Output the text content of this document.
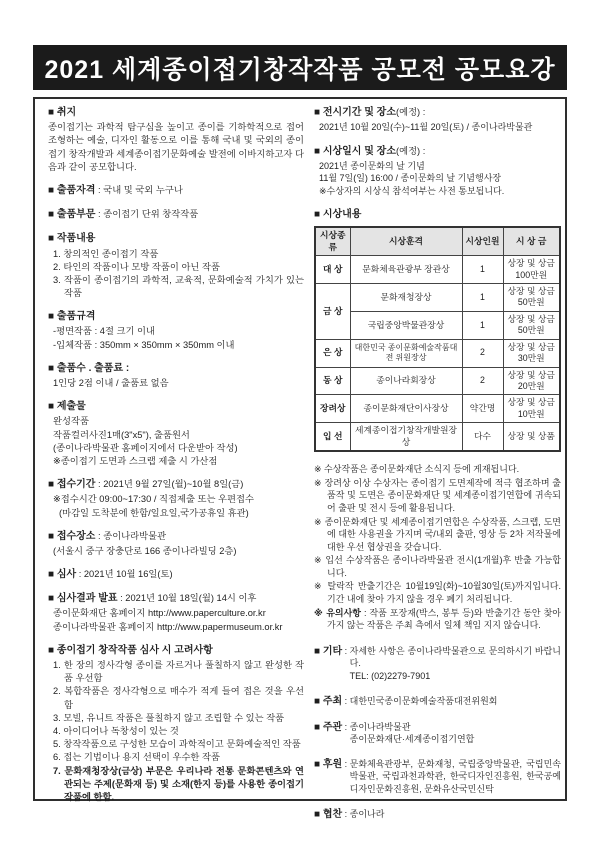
2021 세계종이접기창작작품 공모전 공모요강
■ 취지
종이접기는 과학적 탐구심을 높이고 종이를 기하학적으로 접어 조형하는 예술, 디자인 활동으로 이를 통해 국내 및 국외의 종이접기 창작개발과 세계종이접기문화예술 발전에 이바지하고자 다음과 같이 공모합니다.
■ 출품자격 : 국내 및 국외 누구나
■ 출품부문 : 종이접기 단위 창작작품
■ 작품내용
1. 창의적인 종이접기 작품
2. 타인의 작품이나 모방 작품이 아닌 작품
3. 작품이 종이접기의 과학적, 교육적, 문화예술적 가치가 있는 작품
■ 출품규격
-평면작품 : 4절 크기 이내
-입체작품 : 350mm × 350mm × 350mm 이내
■ 출품수 . 출품료 :
1인당 2점 이내 / 출품료 없음
■ 제출물
완성작품
작품컬러사진1매(3"x5"), 출품원서
(종이나라박물관 홈페이지에서 다운받아 작성)
※종이접기 도면과 스크랩 제출 시 가산점
■ 접수기간 : 2021년 9월 27일(월)~10월 8일(금)
※접수시간 09:00~17:30 / 직접제출 또는 우편접수
(마감일 도착분에 한함/일요일,국가공휴일 휴관)
■ 접수장소 : 종이나라박물관
(서울시 중구 장충단로 166 종이나라빌딩 2층)
■ 심사 : 2021년 10월 16일(토)
■ 심사결과 발표 : 2021년 10월 18일(월) 14시 이후
종이문화재단 홈페이지 http://www.paperculture.or.kr
종이나라박물관 홈페이지 http://www.papermuseum.or.kr
■ 종이접기 창작작품 심사 시 고려사항
1. 한 장의 정사각형 종이를 자르거나 풀칠하지 않고 완성한 작품 우선함
2. 복합작품은 정사각형으로 매수가 적게 들여 접은 것을 우선함
3. 모빌, 유니트 작품은 풀칠하지 않고 조립할 수 있는 작품
4. 아이디어나 독창성이 있는 것
5. 창작작품으로 구성한 모습이 과학적이고 문화예술적인 작품
6. 접는 기법이나 용지 선택이 우수한 작품
7. 문화재청장상(금상) 부문은 우리나라 전통 문화콘텐츠와 연관되는 주제(문화재 등) 및 소재(한지 등)를 사용한 종이접기 작품에 한함.
■ 전시기간 및 장소(예정) :
2021년 10월 20일(수)~11월 20일(토) / 종이나라박물관
■ 시상일시 및 장소(예정) :
2021년 종이문화의 날 기념
11월 7일(일) 16:00 / 종이문화의 날 기념행사장
※수상자의 시상식 참석여부는 사전 통보됩니다.
■ 시상내용
시상종류	시상훈격	시상인원	시 상 금
대 상	문화체육관광부 장관상	1	상장 및 상금 100만원
금 상	문화재청장상	1	상장 및 상금 50만원
	국립중앙박물관장상	1	상장 및 상금 50만원
은 상	대한민국 종이문화예술작품대전 위원장상	2	상장 및 상금 30만원
동 상	종이나라회장상	2	상장 및 상금 20만원
장려상	종이문화재단이사장상	약간명	상장 및 상금 10만원
입 선	세계종이접기창작개발원장상	다수	상장 및 상품
※ 수상작품은 종이문화재단 소식지 등에 게재됩니다.
※ 장려상 이상 수상자는 종이접기 도면제작에 적극 협조하며 출품작 및 도면은 종이문화재단 및 세계종이접기연합에 귀속되어 출판 및 전시 등에 활용됩니다.
※ 종이문화재단 및 세계종이접기연합은 수상작품, 스크랩, 도면에 대한 사용권을 가지며 국/내외 출판, 영상 등 2차 저작물에 대한 우선 협상권을 갖습니다.
※ 입선 수상작품은 종이나라박물관 전시(1개월)후 반출 가능합니다.
※ 탈락작 반출기간은 10월19일(화)~10월30일(토)까지입니다. 기간 내에 찾아 가지 않을 경우 폐기 처리됩니다.
※ 유의사항 : 작품 포장재(박스, 봉투 등)와 반출기간 동안 찾아 가지 않는 작품은 주최 측에서 일체 책임 지지 않습니다.
■ 기타 : 자세한 사항은 종이나라박물관으로 문의하시기 바랍니다.
TEL: (02)2279-7901
■ 주최 : 대한민국종이문화예술작품대전위원회
■ 주관 : 종이나라박물관
종이문화재단·세계종이접기연합
■ 후원 : 문화체육관광부, 문화재청, 국립중앙박물관, 국립민속박물관, 국립과천과학관, 한국디자인진흥원, 한국공예디자인문화진흥원, 문화유산국민신탁
■ 협찬 : 종이나라
